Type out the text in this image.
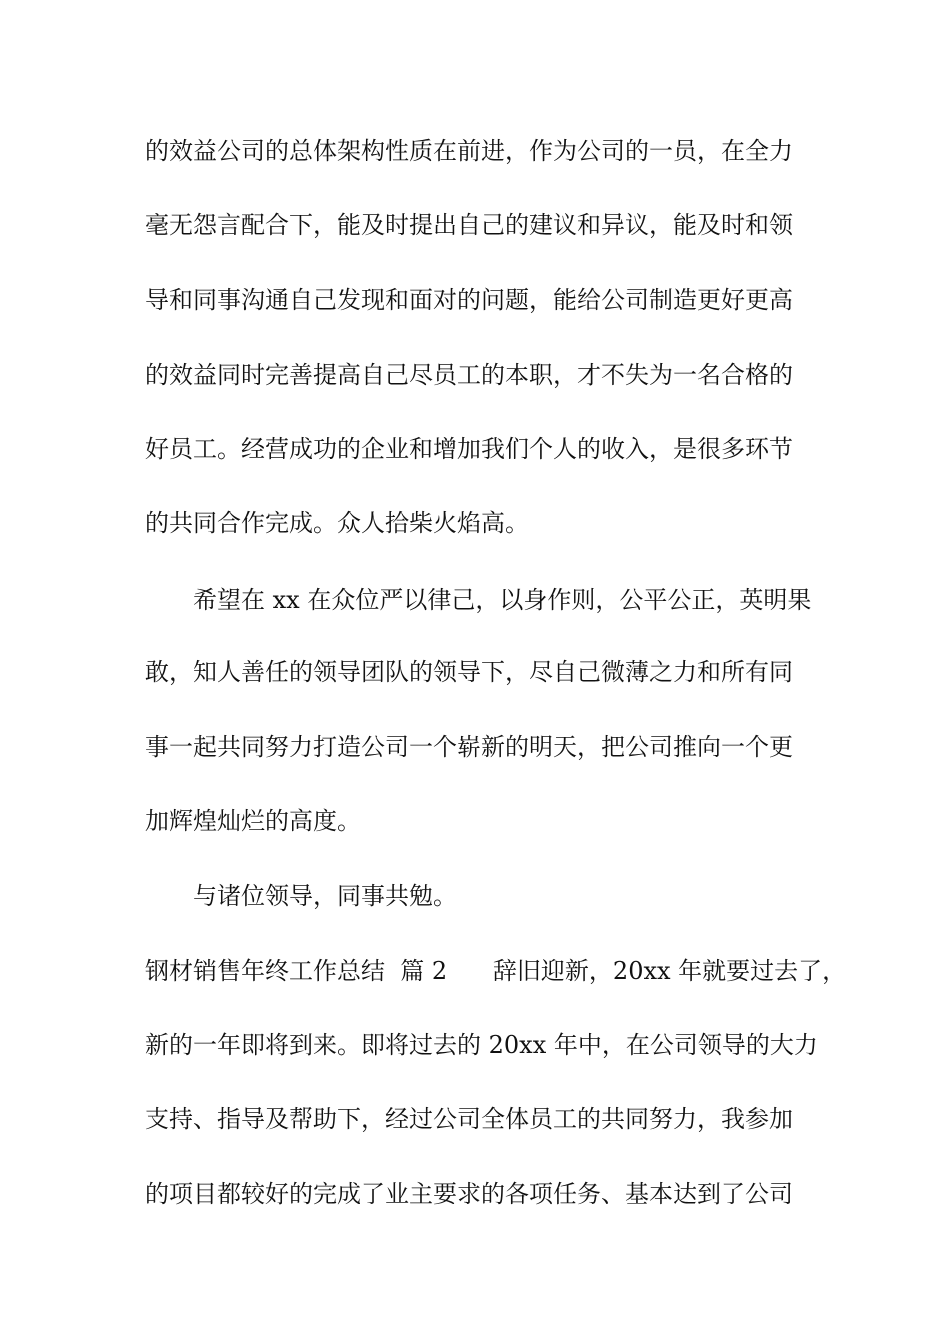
的效益公司的总体架构性质在前进，作为公司的一员，在全力
毫无怨言配合下，能及时提出自己的建议和异议，能及时和领
导和同事沟通自己发现和面对的问题，能给公司制造更好更高
的效益同时完善提高自己尽员工的本职，才不失为一名合格的
好员工。经营成功的企业和增加我们个人的收入，是很多环节
的共同合作完成。众人拾柴火焰高。
希望在 xx 在众位严以律己，以身作则，公平公正，英明果
敢，知人善任的领导团队的领导下，尽自己微薄之力和所有同
事一起共同努力打造公司一个崭新的明天，把公司推向一个更
加辉煌灿烂的高度。
与诸位领导，同事共勉。
钢材销售年终工作总结  篇 2      辞旧迎新，20xx 年就要过去了，
新的一年即将到来。即将过去的 20xx 年中，在公司领导的大力
支持、指导及帮助下，经过公司全体员工的共同努力，我参加
的项目都较好的完成了业主要求的各项任务、基本达到了公司
